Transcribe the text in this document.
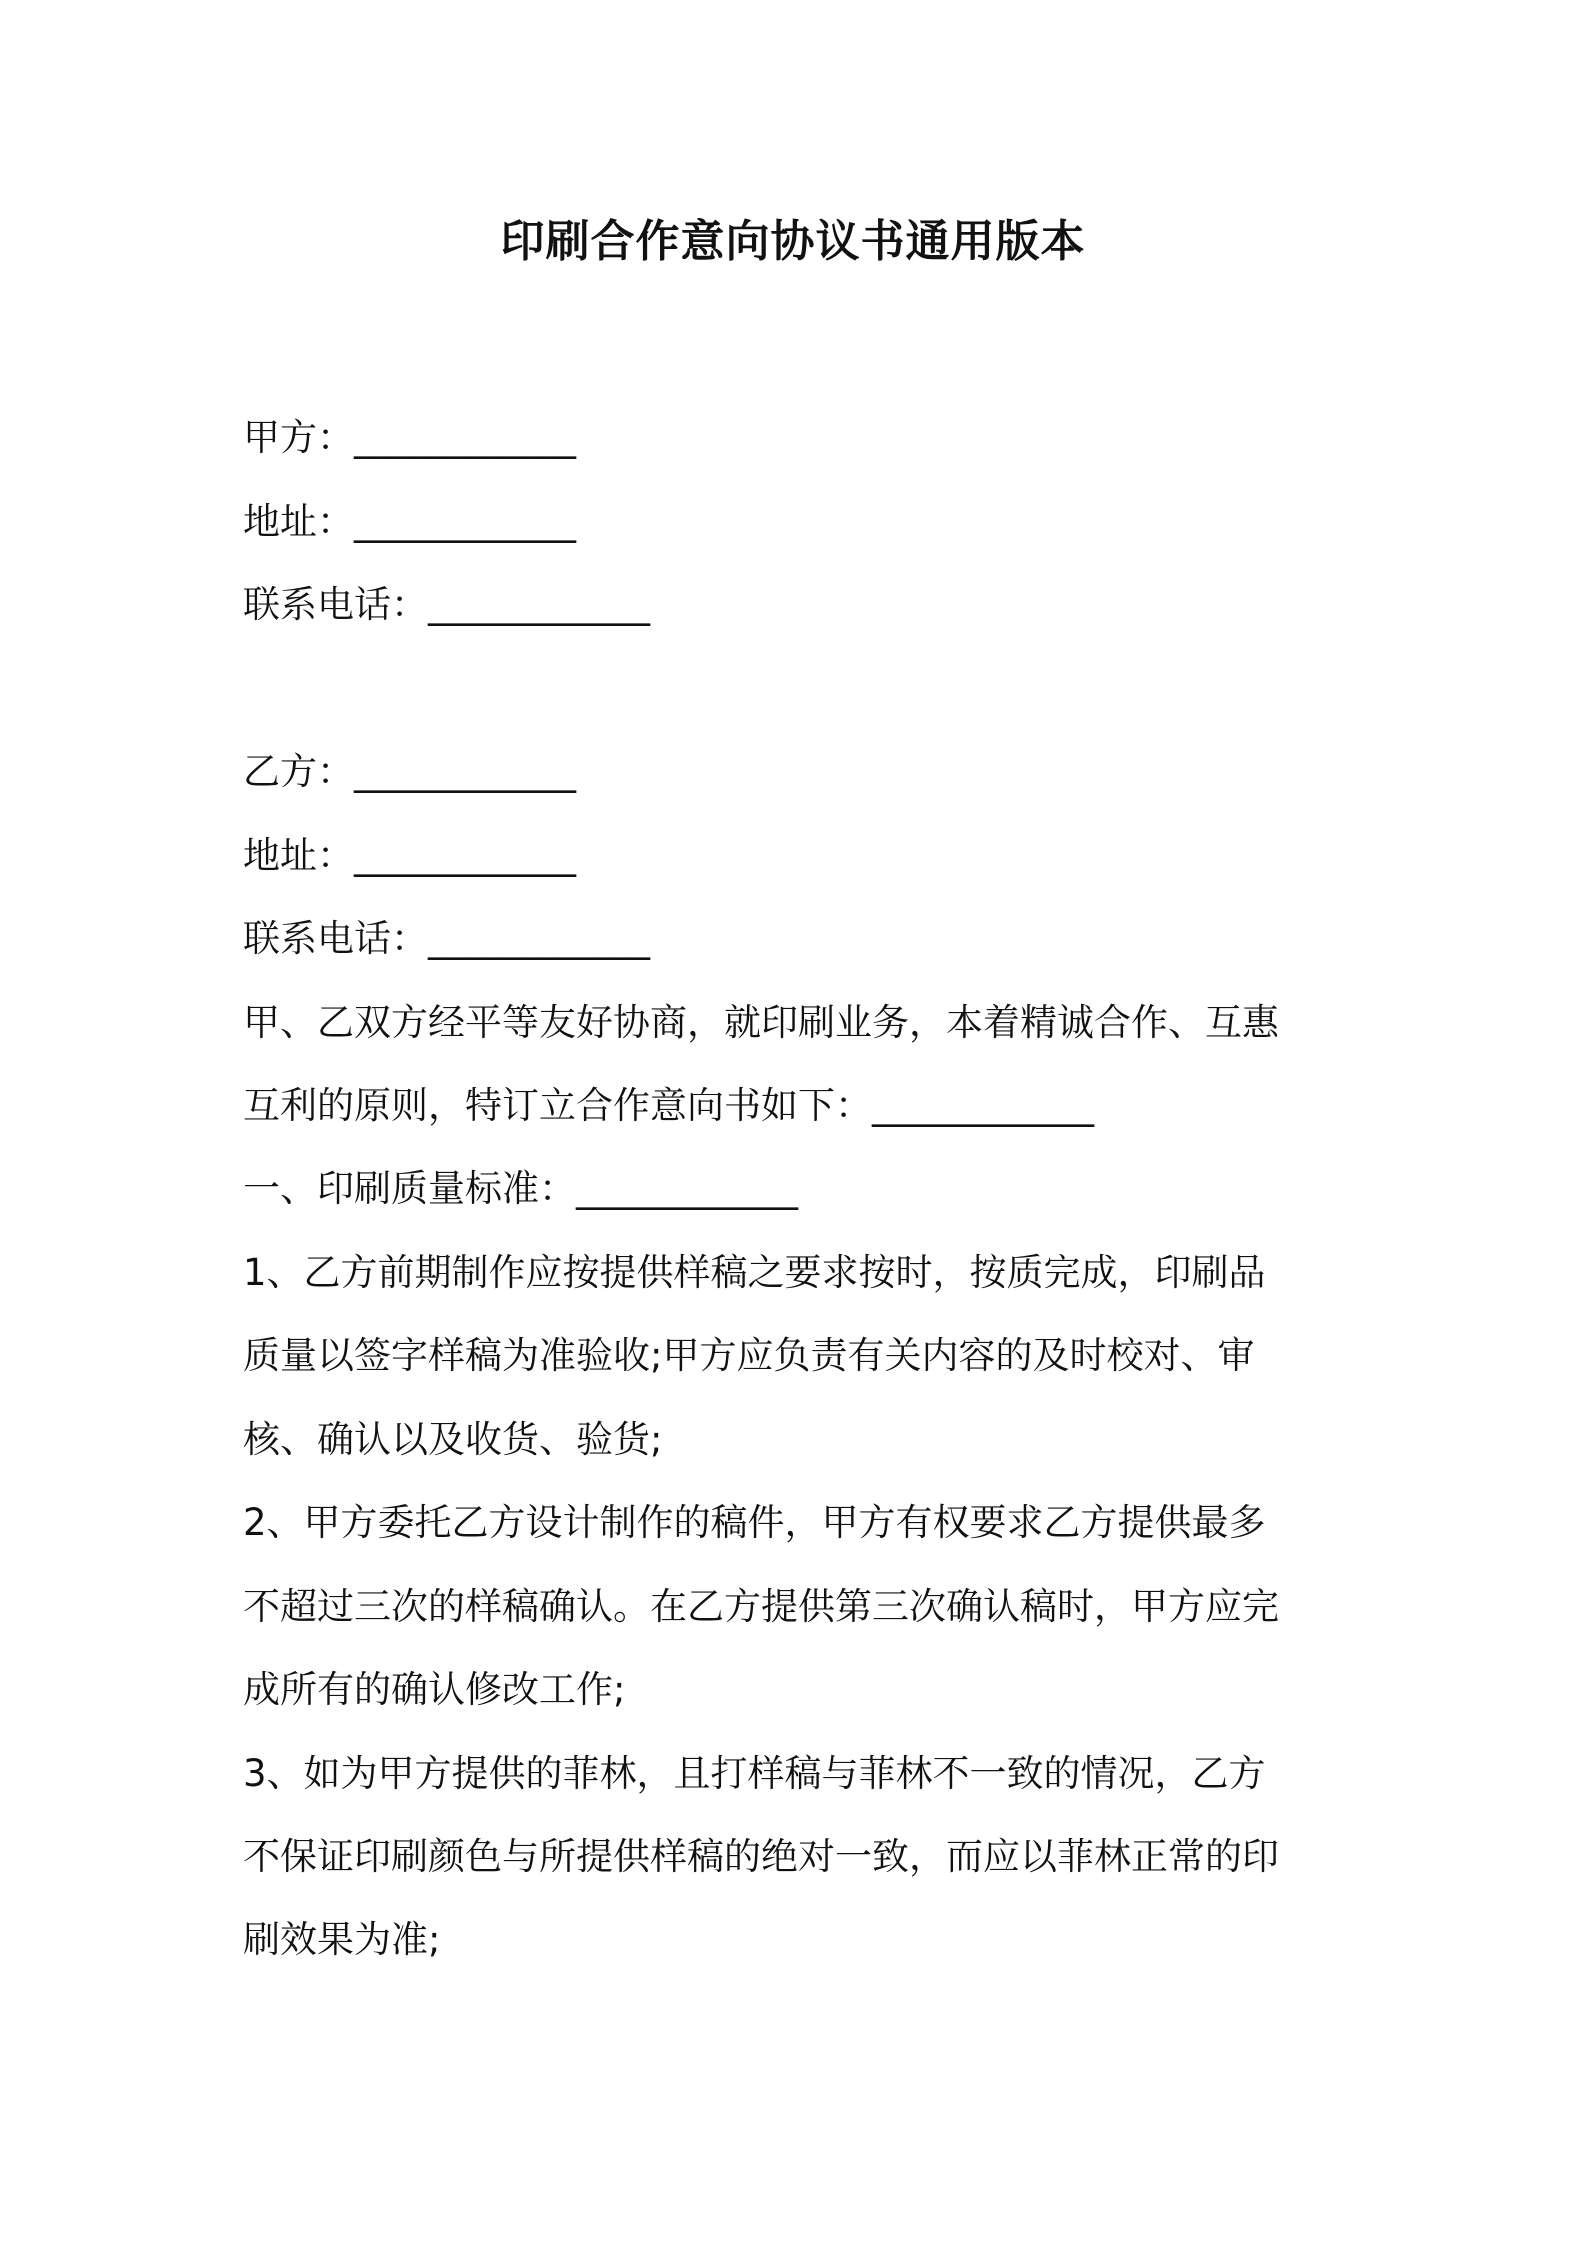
印刷合作意向协议书通用版本
甲方：____________
地址：____________
联系电话：____________
乙方：____________
地址：____________
联系电话：____________
甲、乙双方经平等友好协商，就印刷业务，本着精诚合作、互惠
互利的原则，特订立合作意向书如下：____________
一、印刷质量标准：____________
1、乙方前期制作应按提供样稿之要求按时，按质完成，印刷品
质量以签字样稿为准验收;甲方应负责有关内容的及时校对、审
核、确认以及收货、验货;
2、甲方委托乙方设计制作的稿件，甲方有权要求乙方提供最多
不超过三次的样稿确认。在乙方提供第三次确认稿时，甲方应完
成所有的确认修改工作;
3、如为甲方提供的菲林，且打样稿与菲林不一致的情况，乙方
不保证印刷颜色与所提供样稿的绝对一致，而应以菲林正常的印
刷效果为准;
